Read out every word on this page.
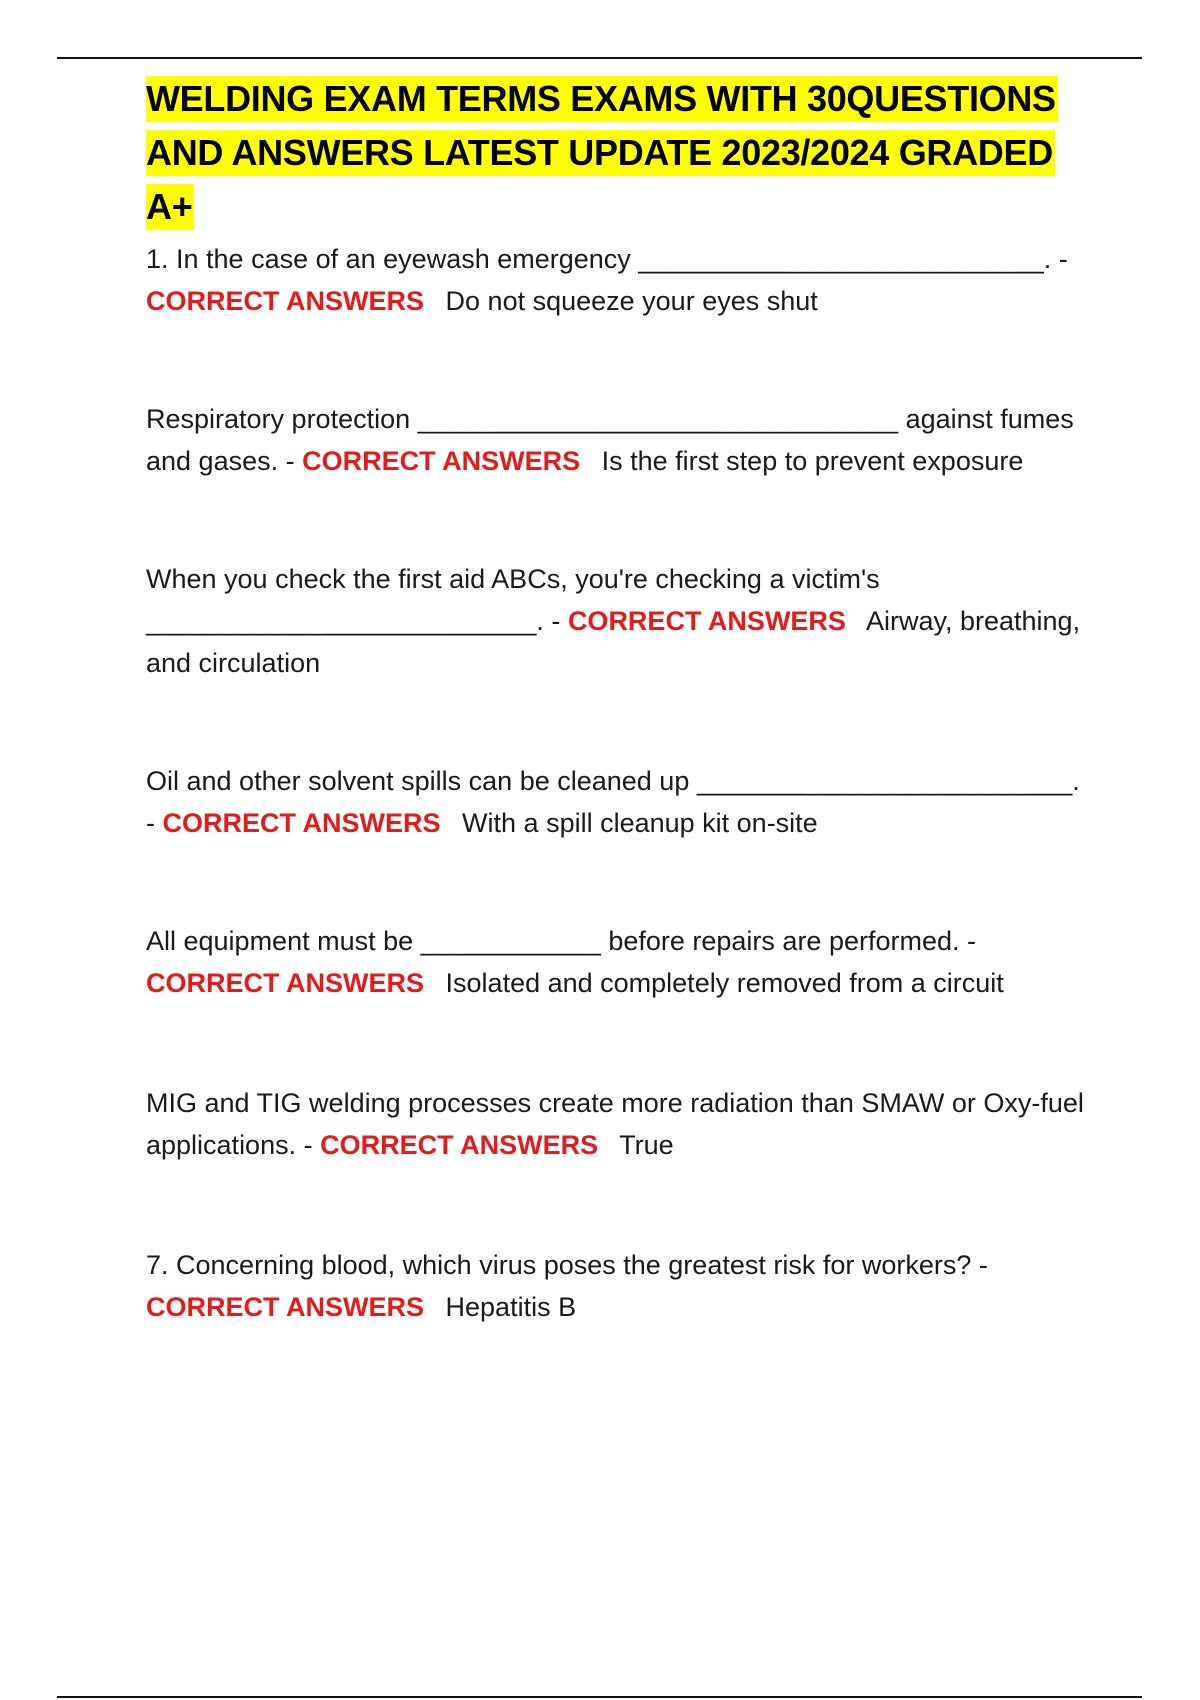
WELDING EXAM TERMS EXAMS WITH 30QUESTIONS AND ANSWERS LATEST UPDATE 2023/2024 GRADED A+

1. In the case of an eyewash emergency ___________________________. - CORRECT ANSWERS Do not squeeze your eyes shut

Respiratory protection ________________________________ against fumes and gases. - CORRECT ANSWERS Is the first step to prevent exposure

When you check the first aid ABCs, you're checking a victim's __________________________. - CORRECT ANSWERS Airway, breathing, and circulation

Oil and other solvent spills can be cleaned up _________________________. - CORRECT ANSWERS With a spill cleanup kit on-site

All equipment must be ____________ before repairs are performed. - CORRECT ANSWERS Isolated and completely removed from a circuit

MIG and TIG welding processes create more radiation than SMAW or Oxy-fuel applications. - CORRECT ANSWERS True

7. Concerning blood, which virus poses the greatest risk for workers? - CORRECT ANSWERS Hepatitis B
